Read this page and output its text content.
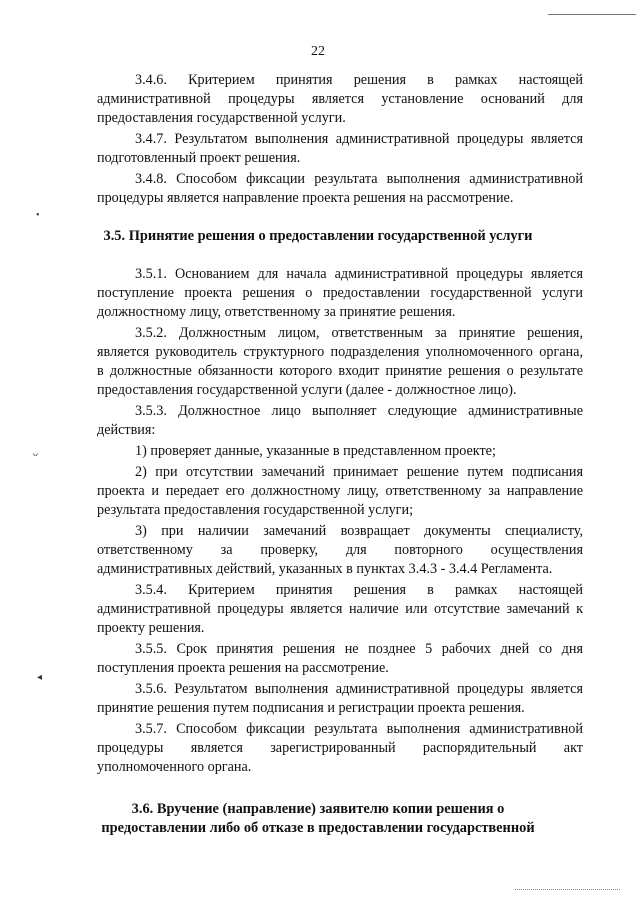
22
3.4.6. Критерием принятия решения в рамках настоящей
административной процедуры является установление оснований для
предоставления государственной услуги.
3.4.7. Результатом выполнения административной процедуры является
подготовленный проект решения.
3.4.8. Способом фиксации результата выполнения административной
процедуры является направление проекта решения на рассмотрение.
3.5.1. Основанием для начала административной процедуры является
поступление проекта решения о предоставлении государственной услуги
должностному лицу, ответственному за принятие решения.
3.5.2. Должностным лицом, ответственным за принятие решения,
является руководитель структурного подразделения уполномоченного органа,
в должностные обязанности которого входит принятие решения о результате
предоставления государственной услуги (далее - должностное лицо).
3.5.3. Должностное лицо выполняет следующие административные
действия:
1) проверяет данные, указанные в представленном проекте;
2) при отсутствии замечаний принимает решение путем подписания
проекта и передает его должностному лицу, ответственному за направление
результата предоставления государственной услуги;
3) при наличии замечаний возвращает документы специалисту,
ответственному за проверку, для повторного осуществления
административных действий, указанных в пунктах 3.4.3 - 3.4.4 Регламента.
3.5.4. Критерием принятия решения в рамках настоящей
административной процедуры является наличие или отсутствие замечаний к
проекту решения.
3.5.5. Срок принятия решения не позднее 5 рабочих дней со дня
поступления проекта решения на рассмотрение.
3.5.6. Результатом выполнения административной процедуры является
принятие решения путем подписания и регистрации проекта решения.
3.5.7. Способом фиксации результата выполнения административной
процедуры является зарегистрированный распорядительный акт
уполномоченного органа.
3.5. Принятие решения о предоставлении государственной услуги
3.6. Вручение (направление) заявителю копии решения о
предоставлении либо об отказе в предоставлении государственной
•
ᴗ
◂
